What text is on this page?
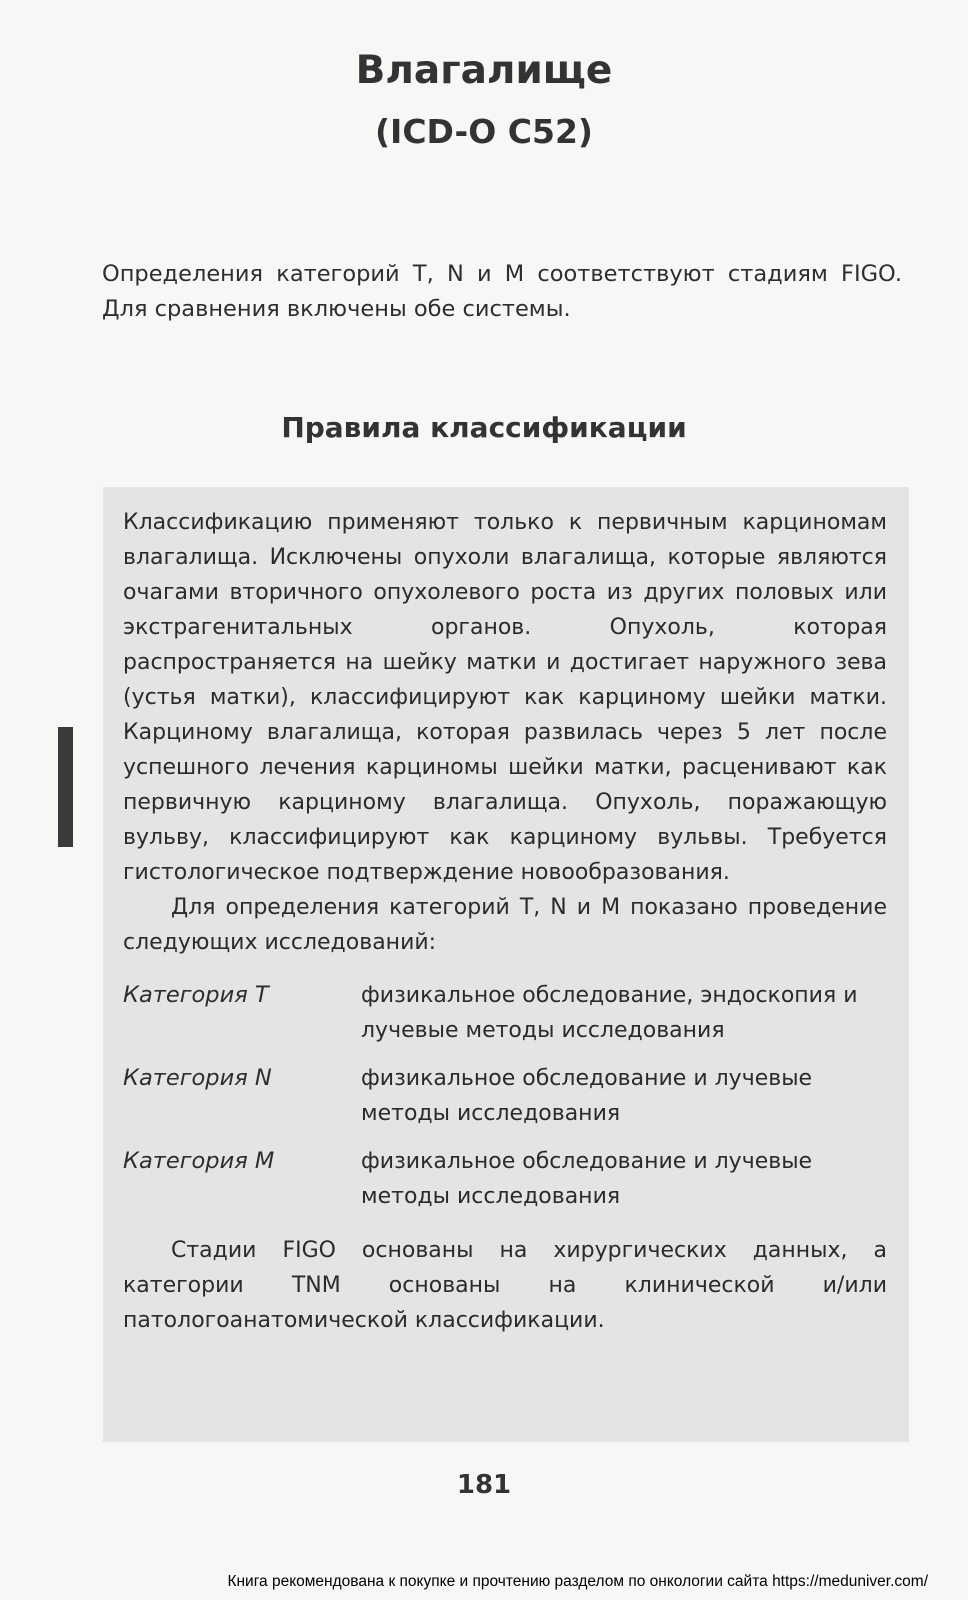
Влагалище
(ICD-O C52)

Определения категорий T, N и M соответствуют стадиям FIGO. Для сравнения включены обе системы.

Правила классификации

Классификацию применяют только к первичным карциномам влагалища. Исключены опухоли влагалища, которые являются очагами вторичного опухолевого роста из других половых или экстрагенитальных органов. Опухоль, которая распространяется на шейку матки и достигает наружного зева (устья матки), классифицируют как карциному шейки матки. Карциному влагалища, которая развилась через 5 лет после успешного лечения карциномы шейки матки, расценивают как первичную карциному влагалища. Опухоль, поражающую вульву, классифицируют как карциному вульвы. Требуется гистологическое подтверждение новообразования.

Для определения категорий T, N и M показано проведение следующих исследований:

Категория T	физикальное обследование, эндоскопия и лучевые методы исследования
Категория N	физикальное обследование и лучевые методы исследования
Категория M	физикальное обследование и лучевые методы исследования

Стадии FIGO основаны на хирургических данных, а категории TNM основаны на клинической и/или патологоанатомической классификации.

181
Книга рекомендована к покупке и прочтению разделом по онкологии сайта https://meduniver.com/
